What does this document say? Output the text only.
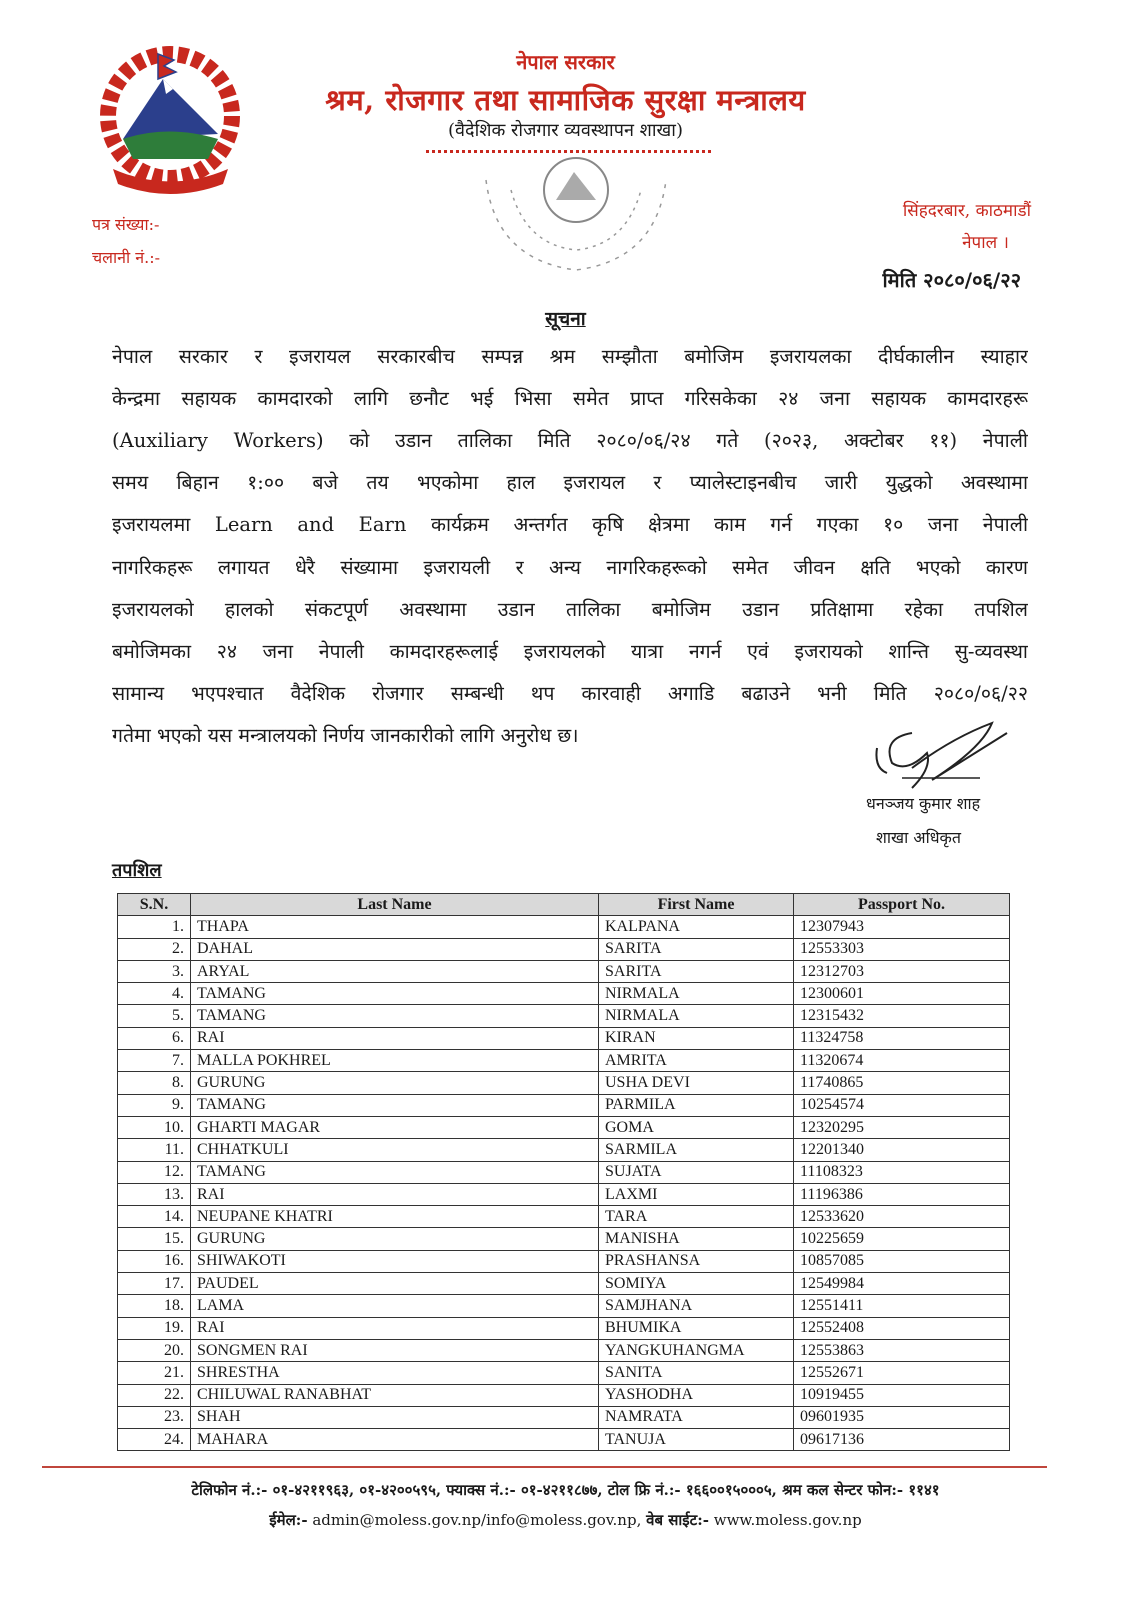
नेपाल सरकार
श्रम, रोजगार तथा सामाजिक सुरक्षा मन्त्रालय
(वैदेशिक रोजगार व्यवस्थापन शाखा)
पत्र संख्या:-
चलानी नं.:-
सिंहदरबार, काठमाडौं
नेपाल ।
मिति २०८०/०६/२२
सूचना
नेपाल सरकार र इजरायल सरकारबीच सम्पन्न श्रम सम्झौता बमोजिम इजरायलका दीर्घकालीन स्याहार
केन्द्रमा सहायक कामदारको लागि छनौट भई भिसा समेत प्राप्त गरिसकेका २४ जना सहायक कामदारहरू
(Auxiliary Workers) को उडान तालिका मिति २०८०/०६/२४ गते (२०२३, अक्टोबर ११) नेपाली
समय बिहान १:०० बजे तय भएकोमा हाल इजरायल र प्यालेस्टाइनबीच जारी युद्धको अवस्थामा
इजरायलमा Learn and Earn कार्यक्रम अन्तर्गत कृषि क्षेत्रमा काम गर्न गएका १० जना नेपाली
नागरिकहरू लगायत धेरै संख्यामा इजरायली र अन्य नागरिकहरूको समेत जीवन क्षति भएको कारण
इजरायलको हालको संकटपूर्ण अवस्थामा उडान तालिका बमोजिम उडान प्रतिक्षामा रहेका तपशिल
बमोजिमका २४ जना नेपाली कामदारहरूलाई इजरायलको यात्रा नगर्न एवं इजरायको शान्ति सु-व्यवस्था
सामान्य भएपश्चात वैदेशिक रोजगार सम्बन्धी थप कारवाही अगाडि बढाउने भनी मिति २०८०/०६/२२
गतेमा भएको यस मन्त्रालयको निर्णय जानकारीको लागि अनुरोध छ।
धनञ्जय कुमार शाह
शाखा अधिकृत
तपशिल
S.N.	Last Name	First Name	Passport No.
1.	THAPA	KALPANA	12307943
2.	DAHAL	SARITA	12553303
3.	ARYAL	SARITA	12312703
4.	TAMANG	NIRMALA	12300601
5.	TAMANG	NIRMALA	12315432
6.	RAI	KIRAN	11324758
7.	MALLA POKHREL	AMRITA	11320674
8.	GURUNG	USHA DEVI	11740865
9.	TAMANG	PARMILA	10254574
10.	GHARTI MAGAR	GOMA	12320295
11.	CHHATKULI	SARMILA	12201340
12.	TAMANG	SUJATA	11108323
13.	RAI	LAXMI	11196386
14.	NEUPANE KHATRI	TARA	12533620
15.	GURUNG	MANISHA	10225659
16.	SHIWAKOTI	PRASHANSA	10857085
17.	PAUDEL	SOMIYA	12549984
18.	LAMA	SAMJHANA	12551411
19.	RAI	BHUMIKA	12552408
20.	SONGMEN RAI	YANGKUHANGMA	12553863
21.	SHRESTHA	SANITA	12552671
22.	CHILUWAL RANABHAT	YASHODHA	10919455
23.	SHAH	NAMRATA	09601935
24.	MAHARA	TANUJA	09617136
टेलिफोन नं.:- ०१-४२११९६३, ०१-४२००५९५, फ्याक्स नं.:- ०१-४२११८७७, टोल फ्रि नं.:- १६६००१५०००५, श्रम कल सेन्टर फोन:- ११४१
ईमेल:- admin@moless.gov.np/info@moless.gov.np, वेब साईट:- www.moless.gov.np
